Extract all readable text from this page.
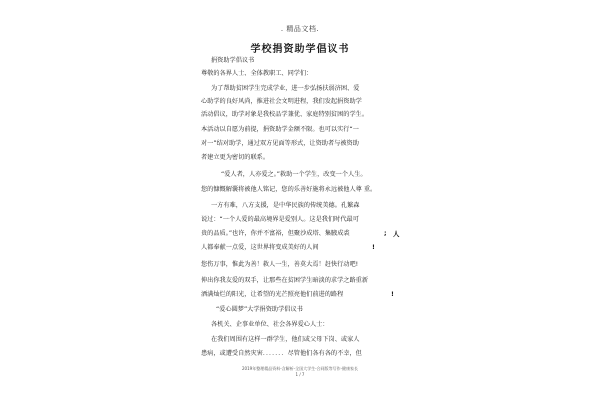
. 精品文档.
学校捐资助学倡议书
捐资助学倡议书
尊敬的各界人士、全体教职工、同学们：
为了帮助贫困学生完成学业，进一步弘扬扶弱济困、爱
心助学的良好风尚，推进社会文明进程，我们发起捐资助学
活动倡议，助学对象是我校品学兼优、家庭特别贫困的学生。
本活动以自愿为前提，捐资助学金额不限。也可以实行“一
对一”结对助学，通过双方见面等形式，让资助者与被资助
者建立更为密切的联系。
“爱人者，人亦爱之。”救助一个学生，改变一个人生。
您的慷慨解囊将被他人铭记，您的乐善好施将永远被他人尊 重。
一方有难，八方支援，是中华民族的传统美德。孔繁森
说过：“一个人爱的最高境界是爱别人。这是我们时代最可
贵的品质。”也许，你并不富裕，但聚沙成塔、集腋成裘
人都奉献一点爱，这世界将变成美好的人间
您伤万事，惟此为善！救人一生，善莫大焉！赶快行动吧!
伸出你我友爱的双手，让那些在贫困学生暗淡的求学之路重新
洒满灿烂的阳光，让希望的光芒照亮他们前进的路程
“爱心圆梦”大学捐资助学倡议书
各机关、企事业单位、社会各界爱心人士：
在我们周围有这样一群学生，他们或父母下岗、或家人
患病，或遭受自然灾害．．．．．．．尽管他们各有各的不幸，但
; 人
!
!
2019年整理精品资料-含解析-全国大学生-合同版等写作-健康家长
1 / 7
